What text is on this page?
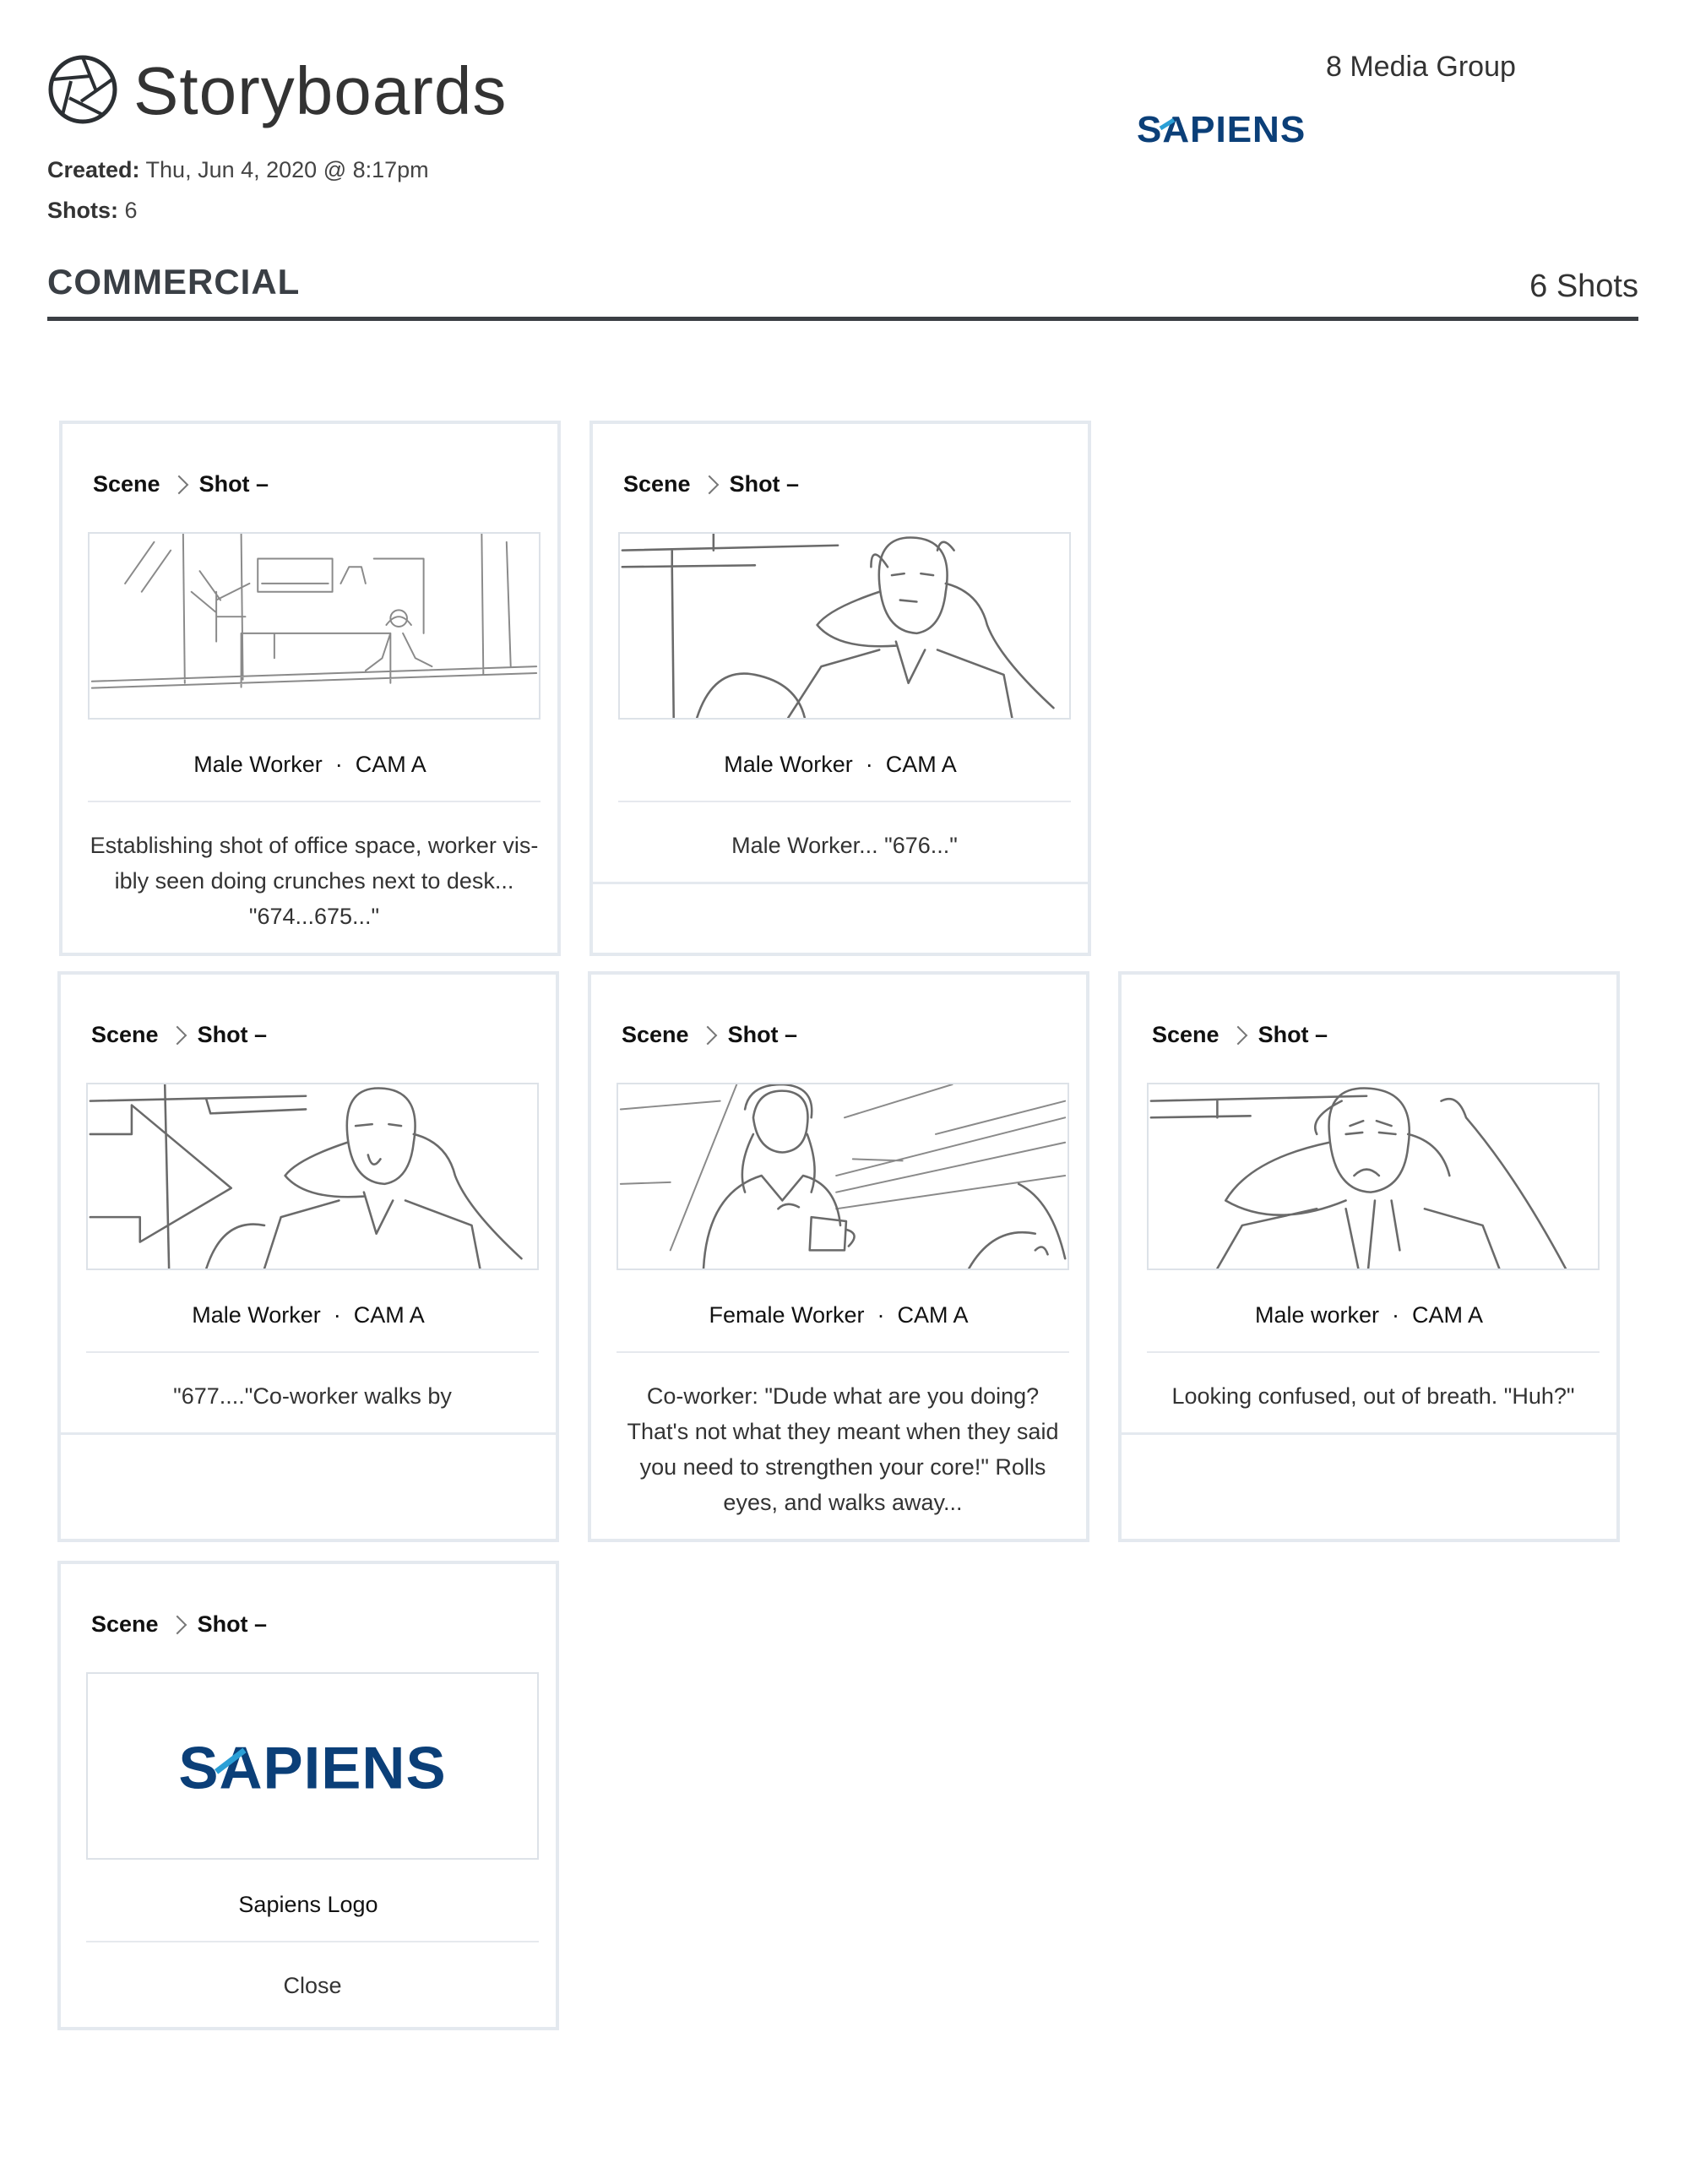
Storyboards
Created: Thu, Jun 4, 2020 @ 8:17pm
Shots: 6
8 Media Group
SAPIENS
COMMERCIAL	6 Shots
Scene Shot –
Male Worker  ·  CAM A
Establishing shot of office space, worker vis-ibly seen doing crunches next to desk... "674...675..."
Scene Shot –
Male Worker  ·  CAM A
Male Worker... "676..."
Scene Shot –
Male Worker  ·  CAM A
"677...."Co-worker walks by
Scene Shot –
Female Worker  ·  CAM A
Co-worker: "Dude what are you doing? That's not what they meant when they said you need to strengthen your core!" Rolls eyes, and walks away...
Scene Shot –
Male worker  ·  CAM A
Looking confused, out of breath. "Huh?"
Scene Shot –
SAPIENS
Sapiens Logo
Close
